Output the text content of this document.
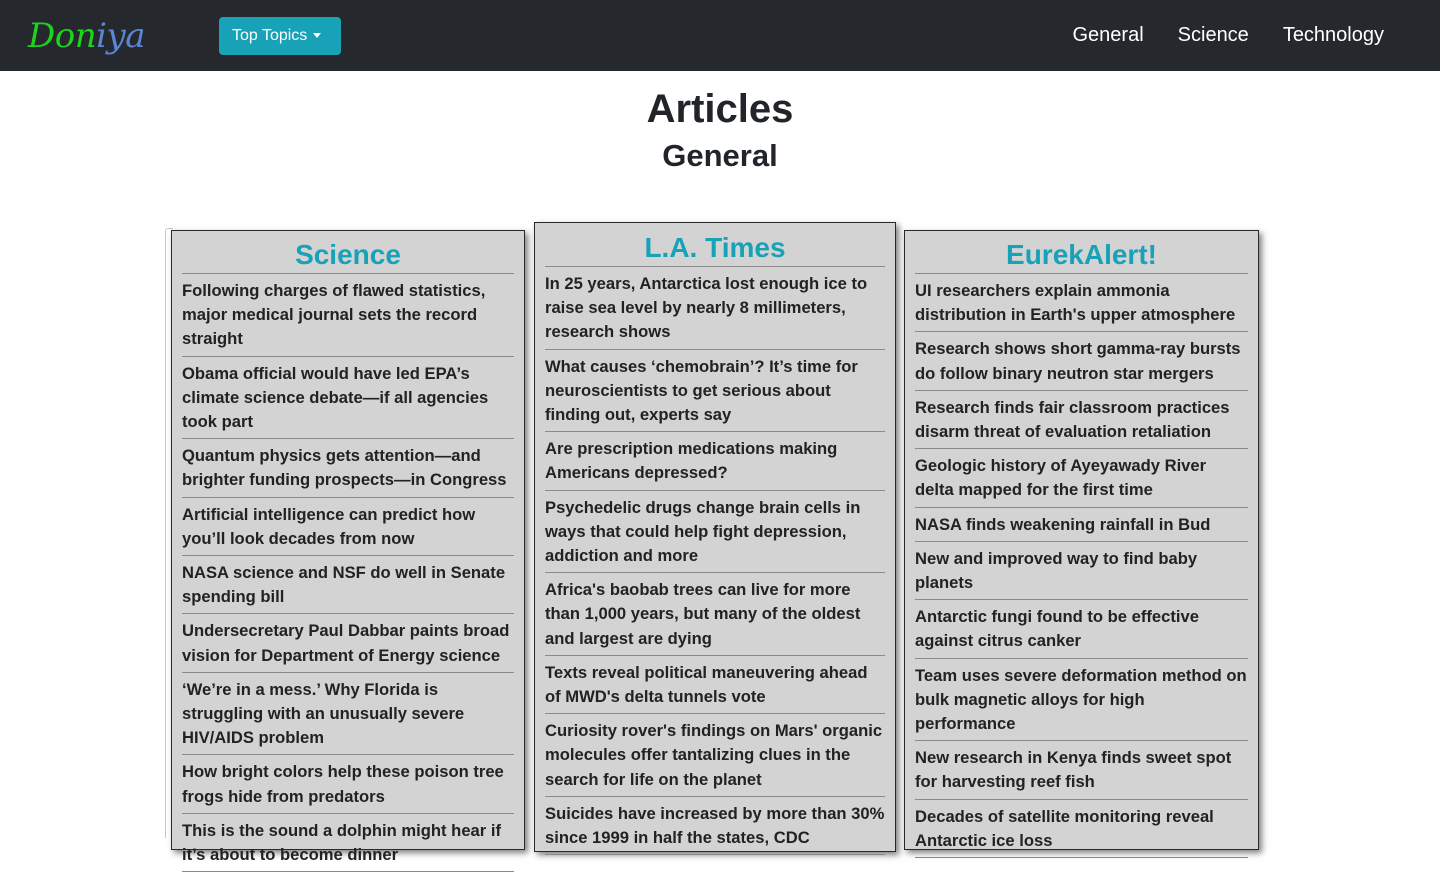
Doniya	Top Topics	General Science Technology
Articles
General
Science
Following charges of flawed statistics, major medical journal sets the record straight
Obama official would have led EPA’s climate science debate—if all agencies took part
Quantum physics gets attention—and brighter funding prospects—in Congress
Artificial intelligence can predict how you’ll look decades from now
NASA science and NSF do well in Senate spending bill
Undersecretary Paul Dabbar paints broad vision for Department of Energy science
‘We’re in a mess.’ Why Florida is struggling with an unusually severe HIV/AIDS problem
How bright colors help these poison tree frogs hide from predators
This is the sound a dolphin might hear if it’s about to become dinner
L.A. Times
In 25 years, Antarctica lost enough ice to raise sea level by nearly 8 millimeters, research shows
What causes ‘chemobrain’? It’s time for neuroscientists to get serious about finding out, experts say
Are prescription medications making Americans depressed?
Psychedelic drugs change brain cells in ways that could help fight depression, addiction and more
Africa's baobab trees can live for more than 1,000 years, but many of the oldest and largest are dying
Texts reveal political maneuvering ahead of MWD's delta tunnels vote
Curiosity rover's findings on Mars' organic molecules offer tantalizing clues in the search for life on the planet
Suicides have increased by more than 30% since 1999 in half the states, CDC
EurekAlert!
UI researchers explain ammonia distribution in Earth's upper atmosphere
Research shows short gamma-ray bursts do follow binary neutron star mergers
Research finds fair classroom practices disarm threat of evaluation retaliation
Geologic history of Ayeyawady River delta mapped for the first time
NASA finds weakening rainfall in Bud
New and improved way to find baby planets
Antarctic fungi found to be effective against citrus canker
Team uses severe deformation method on bulk magnetic alloys for high performance
New research in Kenya finds sweet spot for harvesting reef fish
Decades of satellite monitoring reveal Antarctic ice loss
